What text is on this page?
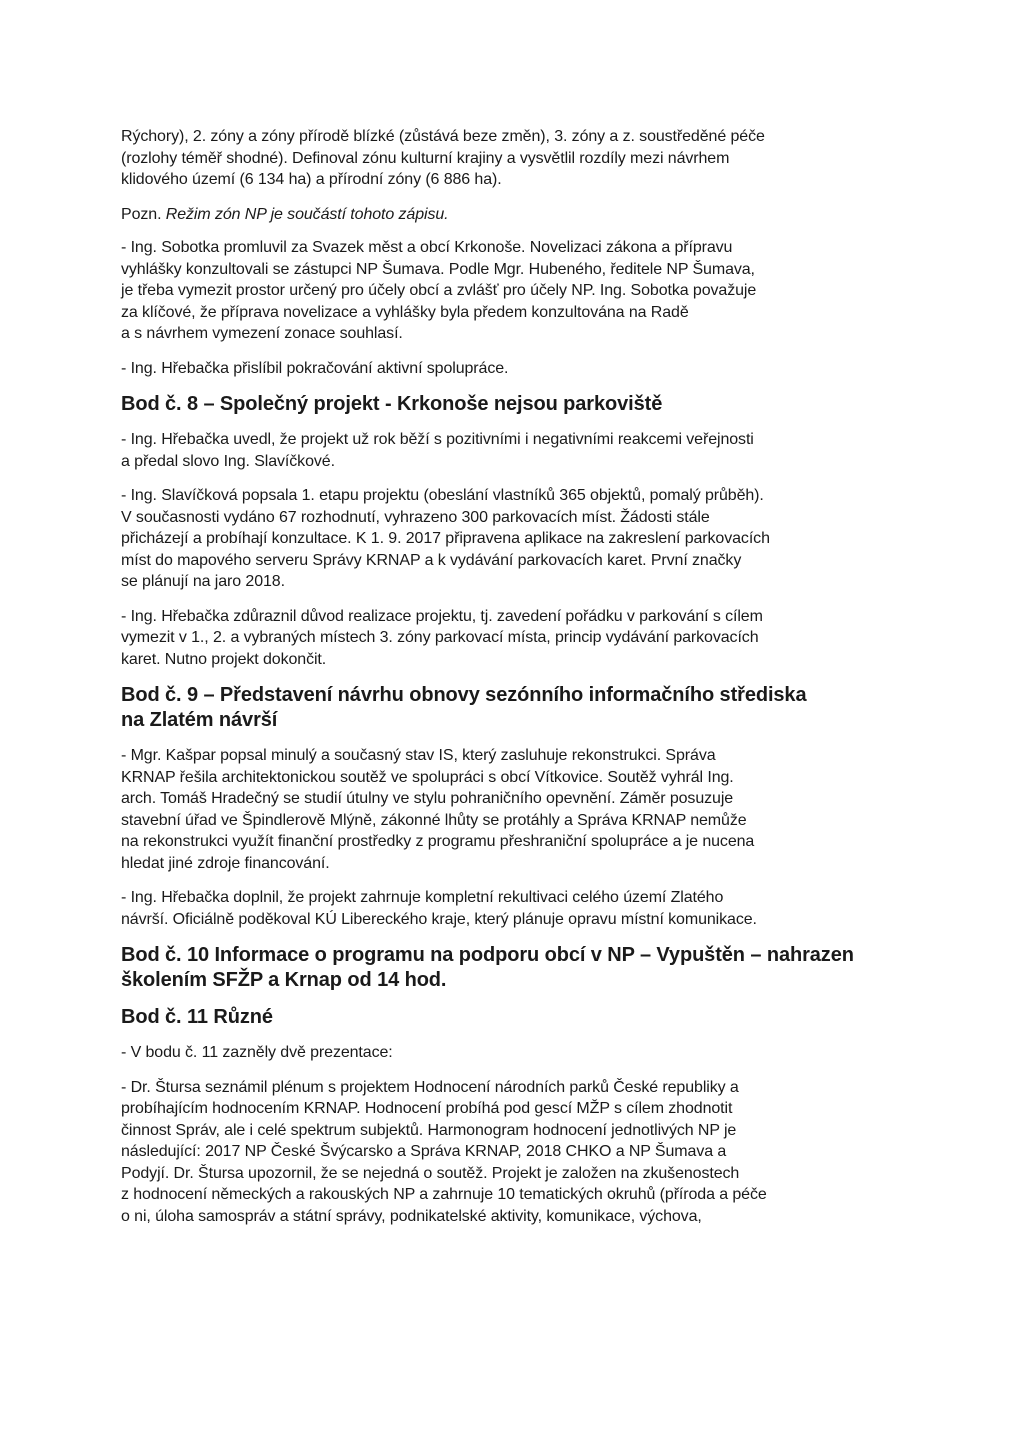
Rýchory), 2. zóny a zóny přírodě blízké (zůstává beze změn), 3. zóny a z. soustředěné péče
(rozlohy téměř shodné). Definoval zónu kulturní krajiny a vysvětlil rozdíly mezi návrhem
klidového území (6 134 ha) a přírodní zóny (6 886 ha).

Pozn. Režim zón NP je součástí tohoto zápisu.

- Ing. Sobotka promluvil za Svazek měst a obcí Krkonoše. Novelizaci zákona a přípravu
vyhlášky konzultovali se zástupci NP Šumava. Podle Mgr. Hubeného, ředitele NP Šumava,
je třeba vymezit prostor určený pro účely obcí a zvlášť pro účely NP. Ing. Sobotka považuje
za klíčové, že příprava novelizace a vyhlášky byla předem konzultována na Radě
a s návrhem vymezení zonace souhlasí.

- Ing. Hřebačka přislíbil pokračování aktivní spolupráce.

Bod č. 8 – Společný projekt - Krkonoše nejsou parkoviště

- Ing. Hřebačka uvedl, že projekt už rok běží s pozitivními i negativními reakcemi veřejnosti
a předal slovo Ing. Slavíčkové.

- Ing. Slavíčková popsala 1. etapu projektu (obeslání vlastníků 365 objektů, pomalý průběh).
V současnosti vydáno 67 rozhodnutí, vyhrazeno 300 parkovacích míst. Žádosti stále
přicházejí a probíhají konzultace. K 1. 9. 2017 připravena aplikace na zakreslení parkovacích
míst do mapového serveru Správy KRNAP a k vydávání parkovacích karet. První značky
se plánují na jaro 2018.

- Ing. Hřebačka zdůraznil důvod realizace projektu, tj. zavedení pořádku v parkování s cílem
vymezit v 1., 2. a vybraných místech 3. zóny parkovací místa, princip vydávání parkovacích
karet. Nutno projekt dokončit.

Bod č. 9 – Představení návrhu obnovy sezónního informačního střediska
na Zlatém návrší

- Mgr. Kašpar popsal minulý a současný stav IS, který zasluhuje rekonstrukci. Správa
KRNAP řešila architektonickou soutěž ve spolupráci s obcí Vítkovice. Soutěž vyhrál Ing.
arch. Tomáš Hradečný se studií útulny ve stylu pohraničního opevnění. Záměr posuzuje
stavební úřad ve Špindlerově Mlýně, zákonné lhůty se protáhly a Správa KRNAP nemůže
na rekonstrukci využít finanční prostředky z programu přeshraniční spolupráce a je nucena
hledat jiné zdroje financování.

- Ing. Hřebačka doplnil, že projekt zahrnuje kompletní rekultivaci celého území Zlatého
návrší. Oficiálně poděkoval KÚ Libereckého kraje, který plánuje opravu místní komunikace.

Bod č. 10 Informace o programu na podporu obcí v NP – Vypuštěn – nahrazen
školením SFŽP a Krnap od 14 hod.
Bod č. 11 Různé

- V bodu č. 11 zazněly dvě prezentace:

- Dr. Štursa seznámil plénum s projektem Hodnocení národních parků České republiky a
probíhajícím hodnocením KRNAP. Hodnocení probíhá pod gescí MŽP s cílem zhodnotit
činnost Správ, ale i celé spektrum subjektů. Harmonogram hodnocení jednotlivých NP je
následující: 2017 NP České Švýcarsko a Správa KRNAP, 2018 CHKO a NP Šumava a
Podyjí. Dr. Štursa upozornil, že se nejedná o soutěž. Projekt je založen na zkušenostech
z hodnocení německých a rakouských NP a zahrnuje 10 tematických okruhů (příroda a péče
o ni, úloha samospráv a státní správy, podnikatelské aktivity, komunikace, výchova,
